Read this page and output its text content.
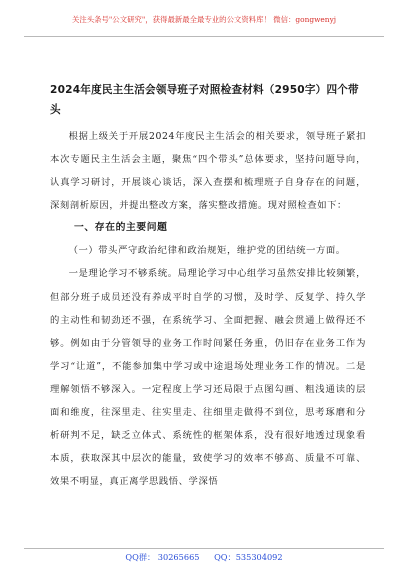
关注头条号"公文研究"，获得最新最全最专业的公文资料库！ 微信：gongwenyj
2024年度民主生活会领导班子对照检查材料（2950字）四个带头

根据上级关于开展2024年度民主生活会的相关要求，领导班子紧扣本次专题民主生活会主题，聚焦“四个带头”总体要求，坚持问题导向，认真学习研讨，开展谈心谈话，深入查摆和梳理班子自身存在的问题，深刻剖析原因，并提出整改方案，落实整改措施。现对照检查如下：

一、存在的主要问题

（一）带头严守政治纪律和政治规矩，维护党的团结统一方面。

一是理论学习不够系统。局理论学习中心组学习虽然安排比较频繁，但部分班子成员还没有养成平时自学的习惯，及时学、反复学、持久学的主动性和韧劲还不强，在系统学习、全面把握、融会贯通上做得还不够。例如由于分管领导的业务工作时间紧任务重，仍旧存在业务工作为学习“让道”，不能参加集中学习或中途退场处理业务工作的情况。二是理解领悟不够深入。一定程度上学习还局限于点图勾画、粗浅通读的层面和维度，往深里走、往实里走、往细里走做得不到位，思考琢磨和分析研判不足，缺乏立体式、系统性的框架体系，没有很好地透过现象看本质，获取深其中层次的能量，致使学习的效率不够高、质量不可靠、效果不明显，真正离学思践悟、学深悟

QQ群： 30265665 QQ：535304092
